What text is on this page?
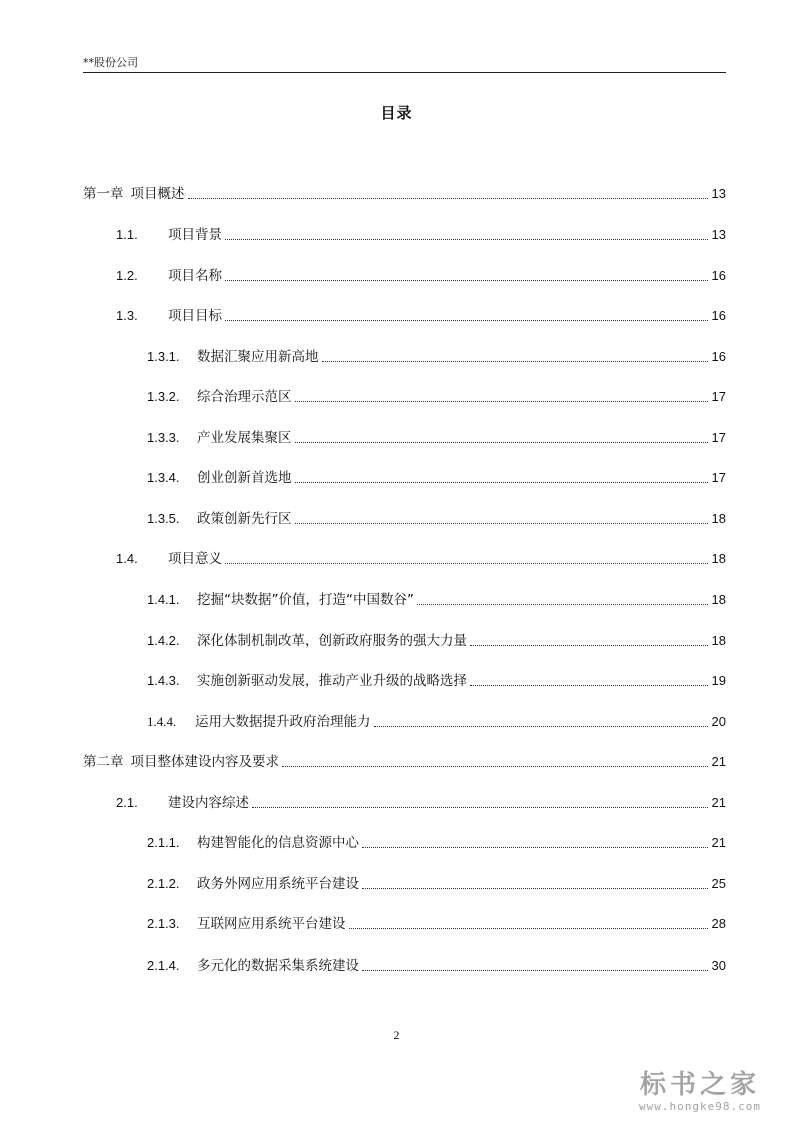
**股份公司
目录
第一章 项目概述	13
1.1.	项目背景	13
1.2.	项目名称	16
1.3.	项目目标	16
1.3.1.	数据汇聚应用新高地	16
1.3.2.	综合治理示范区	17
1.3.3.	产业发展集聚区	17
1.3.4.	创业创新首选地	17
1.3.5.	政策创新先行区	18
1.4.	项目意义	18
1.4.1.	挖掘“块数据”价值，打造“中国数谷”	18
1.4.2.	深化体制机制改革，创新政府服务的强大力量	18
1.4.3.	实施创新驱动发展，推动产业升级的战略选择	19
1.4.4.	运用大数据提升政府治理能力	20
第二章 项目整体建设内容及要求	21
2.1.	建设内容综述	21
2.1.1.	构建智能化的信息资源中心	21
2.1.2.	政务外网应用系统平台建设	25
2.1.3.	互联网应用系统平台建设	28
2.1.4.	多元化的数据采集系统建设	30
2
标书之家
www.hongke98.com
